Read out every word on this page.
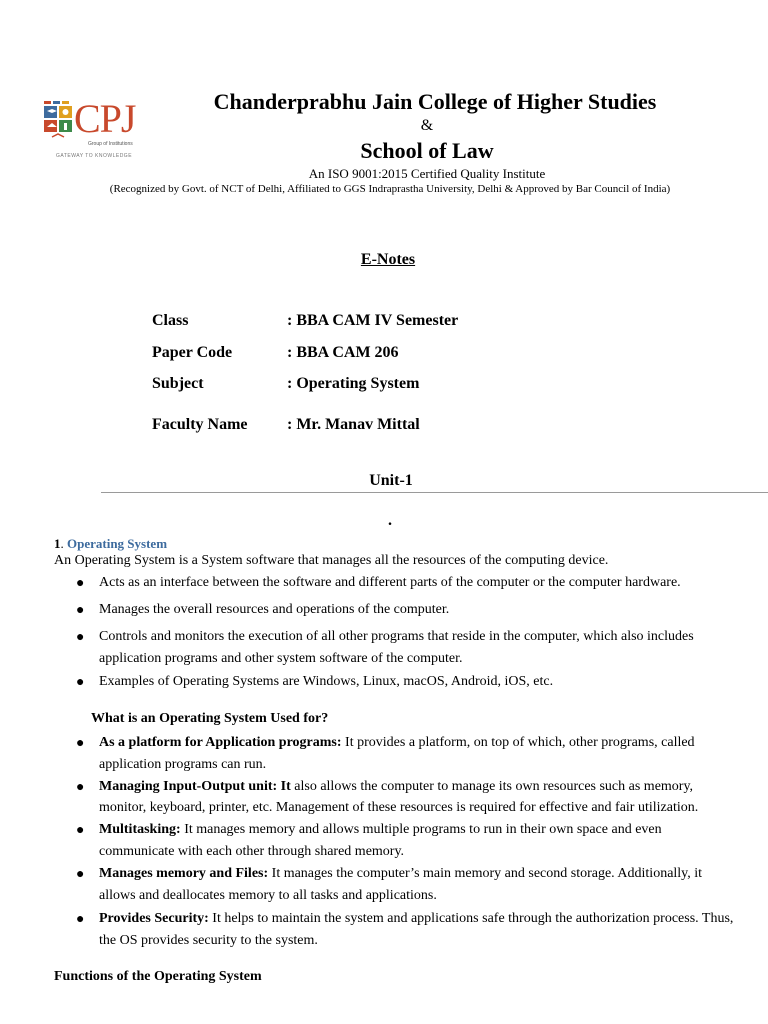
CPJ
Group of Institutions
GATEWAY TO KNOWLEDGE
Chanderprabhu Jain College of Higher Studies
&
School of Law
An ISO 9001:2015 Certified Quality Institute
(Recognized by Govt. of NCT of Delhi, Affiliated to GGS Indraprastha University, Delhi & Approved by Bar Council of India)
E-Notes
Class	: BBA CAM IV Semester
Paper Code	: BBA CAM 206
Subject	: Operating System
Faculty Name : Mr. Manav Mittal
Unit-1
.
1. Operating System
An Operating System is a System software that manages all the resources of the computing device.
● Acts as an interface between the software and different parts of the computer or the computer hardware.
● Manages the overall resources and operations of the computer.
● Controls and monitors the execution of all other programs that reside in the computer, which also includes application programs and other system software of the computer.
● Examples of Operating Systems are Windows, Linux, macOS, Android, iOS, etc.
What is an Operating System Used for?
● As a platform for Application programs: It provides a platform, on top of which, other programs, called application programs can run.
● Managing Input-Output unit: It also allows the computer to manage its own resources such as memory, monitor, keyboard, printer, etc. Management of these resources is required for effective and fair utilization.
● Multitasking: It manages memory and allows multiple programs to run in their own space and even communicate with each other through shared memory.
● Manages memory and Files: It manages the computer’s main memory and second storage. Additionally, it allows and deallocates memory to all tasks and applications.
● Provides Security: It helps to maintain the system and applications safe through the authorization process. Thus, the OS provides security to the system.
Functions of the Operating System
